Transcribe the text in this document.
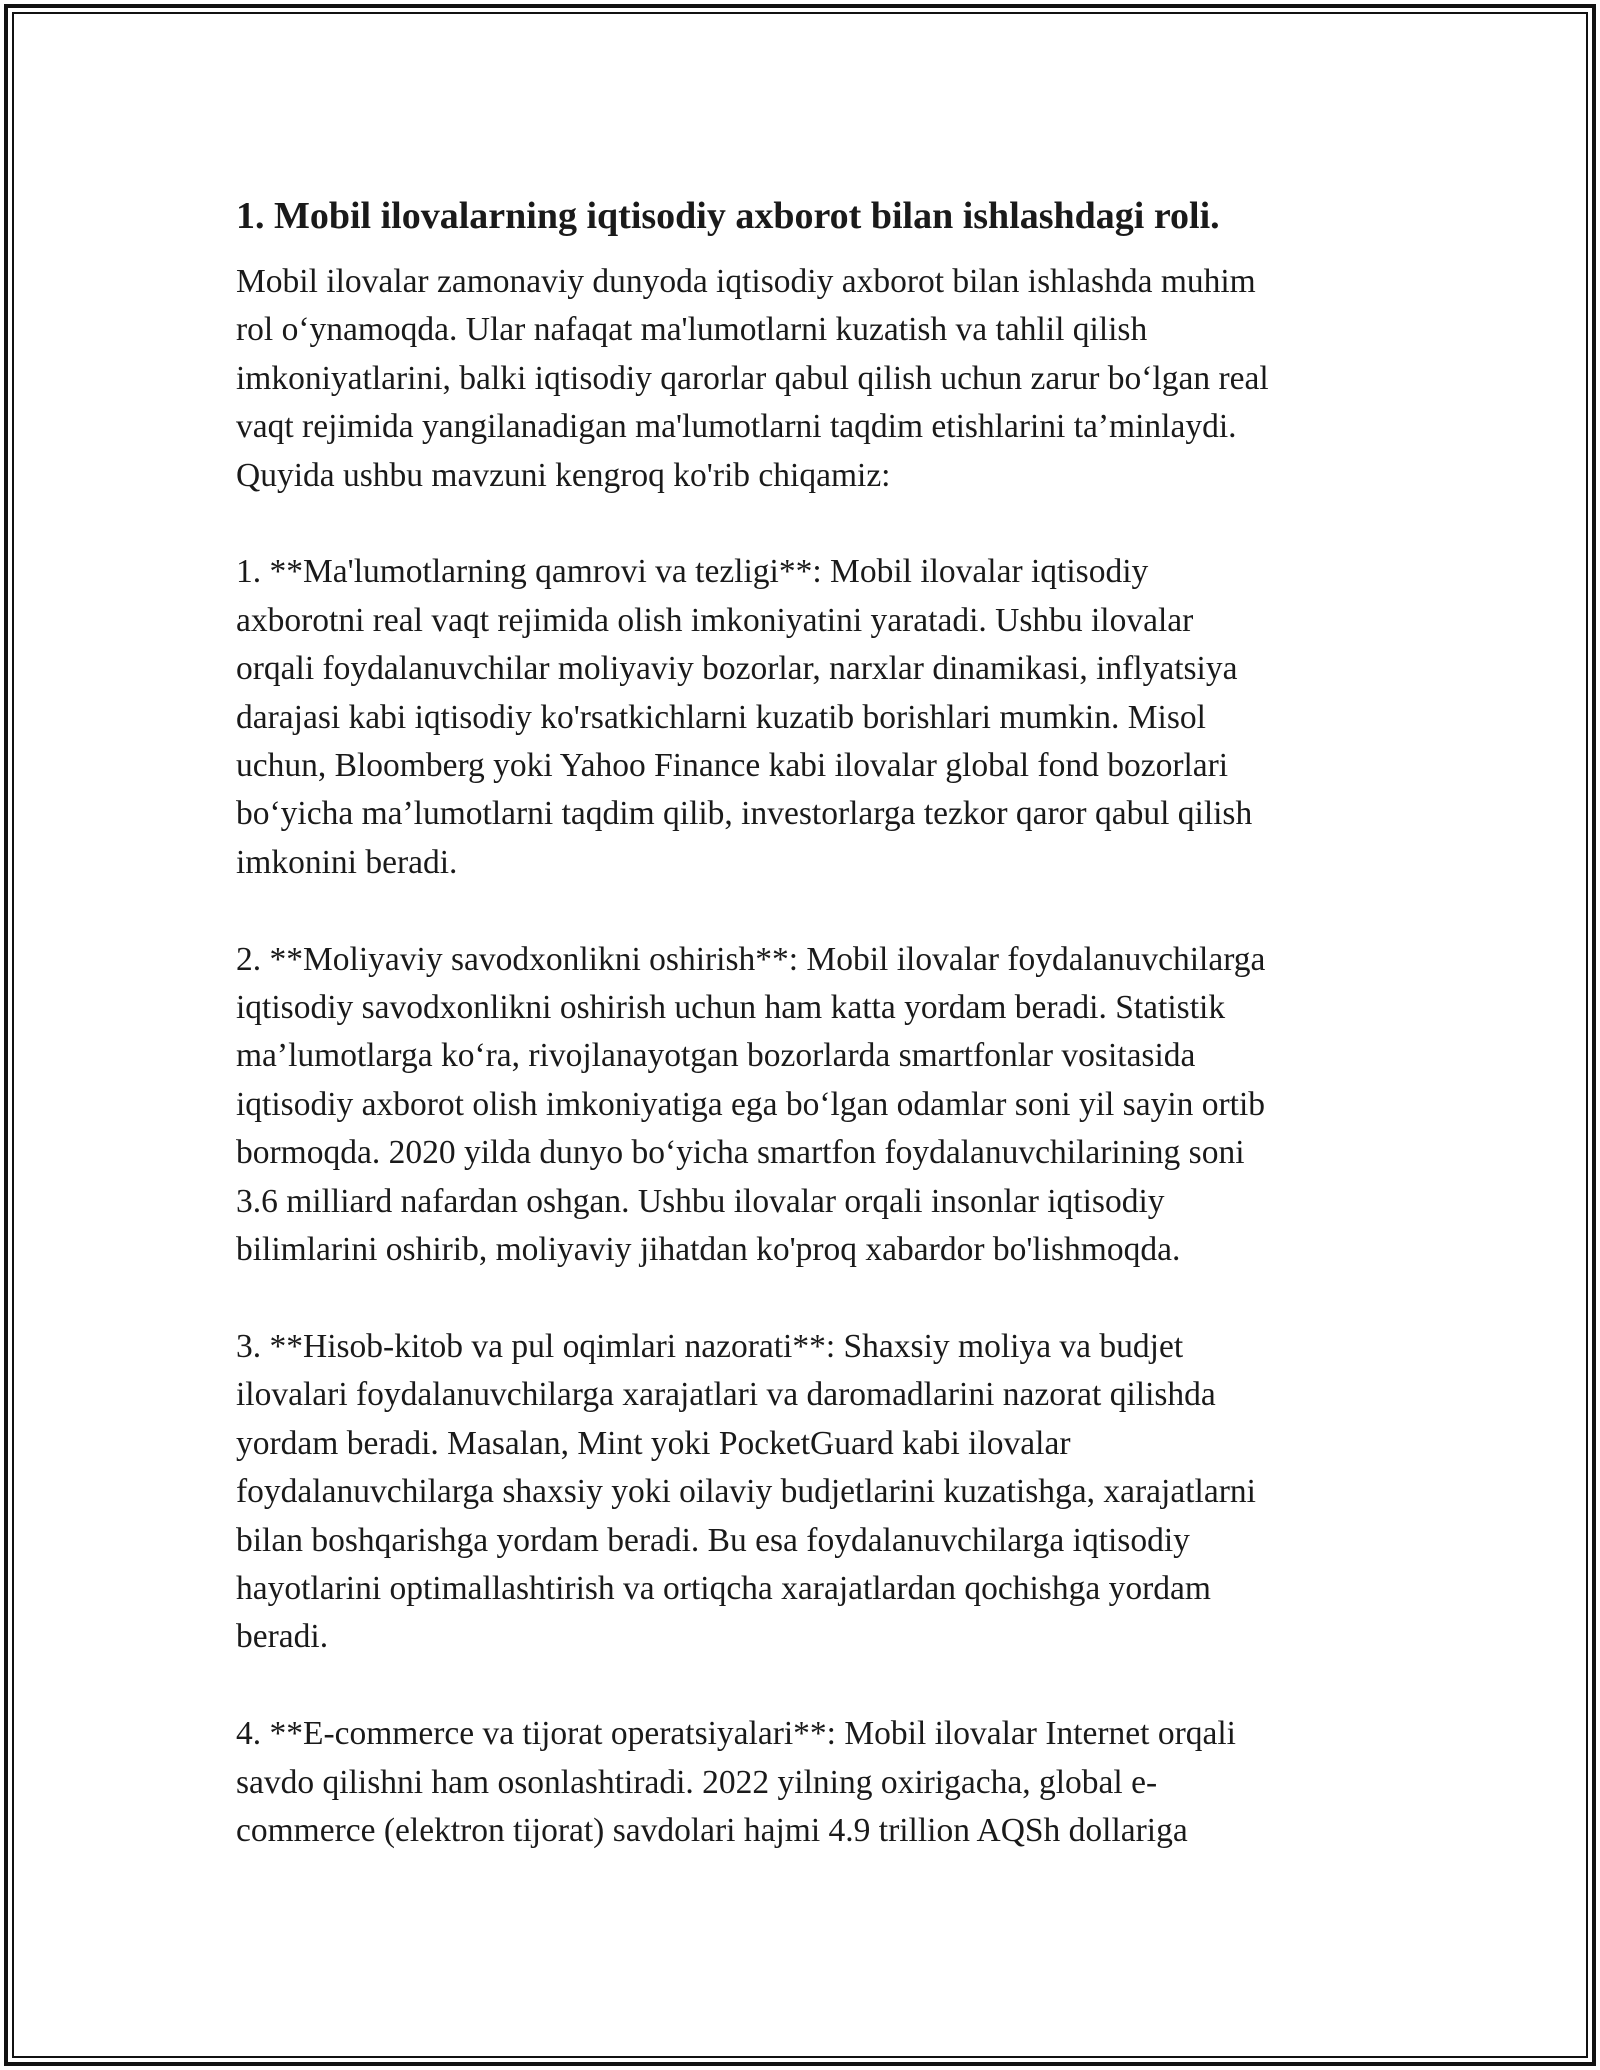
1. Mobil ilovalarning iqtisodiy axborot bilan ishlashdagi roli.
Mobil ilovalar zamonaviy dunyoda iqtisodiy axborot bilan ishlashda muhim
rol o‘ynamoqda. Ular nafaqat ma'lumotlarni kuzatish va tahlil qilish
imkoniyatlarini, balki iqtisodiy qarorlar qabul qilish uchun zarur bo‘lgan real
vaqt rejimida yangilanadigan ma'lumotlarni taqdim etishlarini ta’minlaydi.
Quyida ushbu mavzuni kengroq ko'rib chiqamiz:
1. **Ma'lumotlarning qamrovi va tezligi**: Mobil ilovalar iqtisodiy
axborotni real vaqt rejimida olish imkoniyatini yaratadi. Ushbu ilovalar
orqali foydalanuvchilar moliyaviy bozorlar, narxlar dinamikasi, inflyatsiya
darajasi kabi iqtisodiy ko'rsatkichlarni kuzatib borishlari mumkin. Misol
uchun, Bloomberg yoki Yahoo Finance kabi ilovalar global fond bozorlari
bo‘yicha ma’lumotlarni taqdim qilib, investorlarga tezkor qaror qabul qilish
imkonini beradi.
2. **Moliyaviy savodxonlikni oshirish**: Mobil ilovalar foydalanuvchilarga
iqtisodiy savodxonlikni oshirish uchun ham katta yordam beradi. Statistik
ma’lumotlarga ko‘ra, rivojlanayotgan bozorlarda smartfonlar vositasida
iqtisodiy axborot olish imkoniyatiga ega bo‘lgan odamlar soni yil sayin ortib
bormoqda. 2020 yilda dunyo bo‘yicha smartfon foydalanuvchilarining soni
3.6 milliard nafardan oshgan. Ushbu ilovalar orqali insonlar iqtisodiy
bilimlarini oshirib, moliyaviy jihatdan ko'proq xabardor bo'lishmoqda.
3. **Hisob-kitob va pul oqimlari nazorati**: Shaxsiy moliya va budjet
ilovalari foydalanuvchilarga xarajatlari va daromadlarini nazorat qilishda
yordam beradi. Masalan, Mint yoki PocketGuard kabi ilovalar
foydalanuvchilarga shaxsiy yoki oilaviy budjetlarini kuzatishga, xarajatlarni
bilan boshqarishga yordam beradi. Bu esa foydalanuvchilarga iqtisodiy
hayotlarini optimallashtirish va ortiqcha xarajatlardan qochishga yordam
beradi.
4. **E-commerce va tijorat operatsiyalari**: Mobil ilovalar Internet orqali
savdo qilishni ham osonlashtiradi. 2022 yilning oxirigacha, global e-
commerce (elektron tijorat) savdolari hajmi 4.9 trillion AQSh dollariga
